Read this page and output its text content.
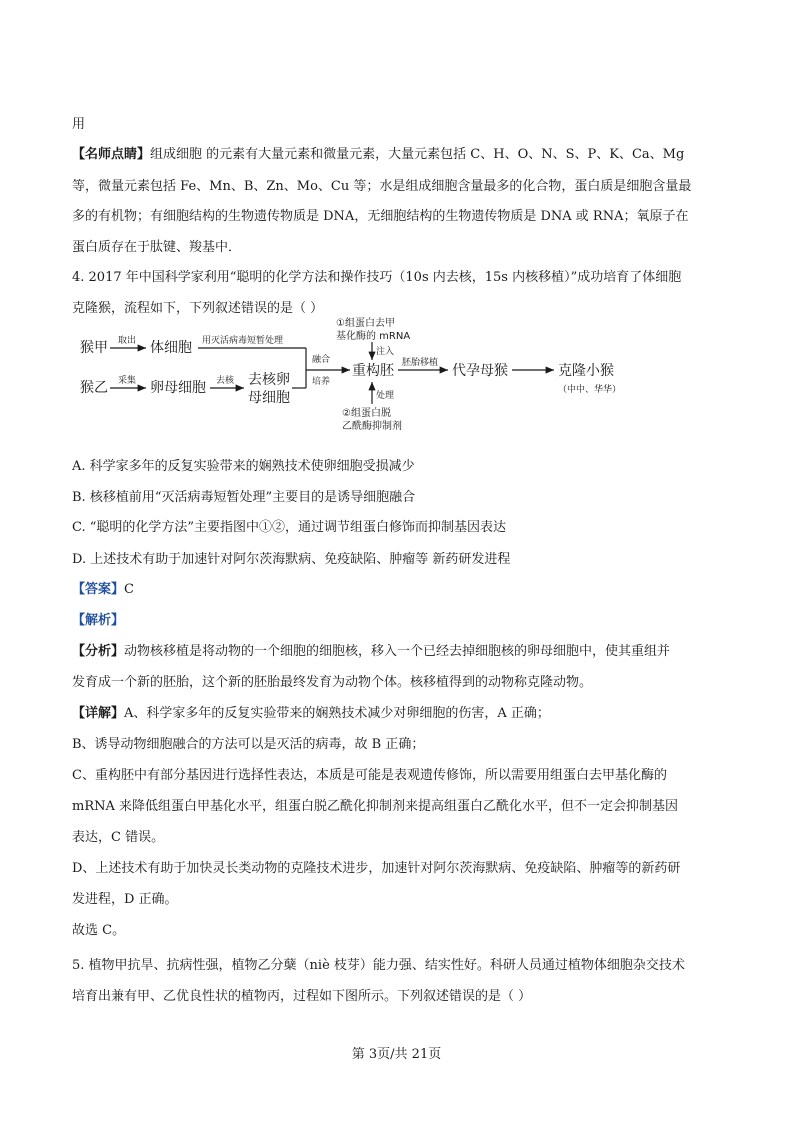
用
【名师点睛】组成细胞 的元素有大量元素和微量元素，大量元素包括 C、H、O、N、S、P、K、Ca、Mg
等，微量元素包括 Fe、Mn、B、Zn、Mo、Cu 等；水是组成细胞含量最多的化合物，蛋白质是细胞含量最
多的有机物；有细胞结构的生物遗传物质是 DNA，无细胞结构的生物遗传物质是 DNA 或 RNA；氧原子在
蛋白质存在于肽键、羧基中．
4. 2017 年中国科学家利用“聪明的化学方法和操作技巧（10s 内去核，15s 内核移植）”成功培育了体细胞
克隆猴，流程如下，下列叙述错误的是（ ）
猴甲 取出 体细胞 用灭活病毒短暂处理
猴乙 采集 卵母细胞 去核 去核卵
母细胞
融合
培养
①组蛋白去甲
基化酶的 mRNA
注入
重构胚
处理
②组蛋白脱
乙酰酶抑制剂
胚胎移植 代孕母猴	克隆小猴
（中中、华华）
A. 科学家多年的反复实验带来的娴熟技术使卵细胞受损减少
B. 核移植前用“灭活病毒短暂处理”主要目的是诱导细胞融合
C. “聪明的化学方法”主要指图中①②，通过调节组蛋白修饰而抑制基因表达
D. 上述技术有助于加速针对阿尔茨海默病、免疫缺陷、肿瘤等 新药研发进程
【答案】C
【解析】
【分析】动物核移植是将动物的一个细胞的细胞核，移入一个已经去掉细胞核的卵母细胞中，使其重组并
发育成一个新的胚胎，这个新的胚胎最终发育为动物个体。核移植得到的动物称克隆动物。
【详解】A、科学家多年的反复实验带来的娴熟技术减少对卵细胞的伤害，A 正确；
B、诱导动物细胞融合的方法可以是灭活的病毒，故 B 正确；
C、重构胚中有部分基因进行选择性表达，本质是可能是表观遗传修饰，所以需要用组蛋白去甲基化酶的
mRNA 来降低组蛋白甲基化水平，组蛋白脱乙酰化抑制剂来提高组蛋白乙酰化水平，但不一定会抑制基因
表达，C 错误。
D、上述技术有助于加快灵长类动物的克隆技术进步，加速针对阿尔茨海默病、免疫缺陷、肿瘤等的新药研
发进程，D 正确。
故选 C。
5. 植物甲抗旱、抗病性强，植物乙分蘖（niè 枝芽）能力强、结实性好。科研人员通过植物体细胞杂交技术
培育出兼有甲、乙优良性状的植物丙，过程如下图所示。下列叙述错误的是（ ）
第 3页/共 21页
